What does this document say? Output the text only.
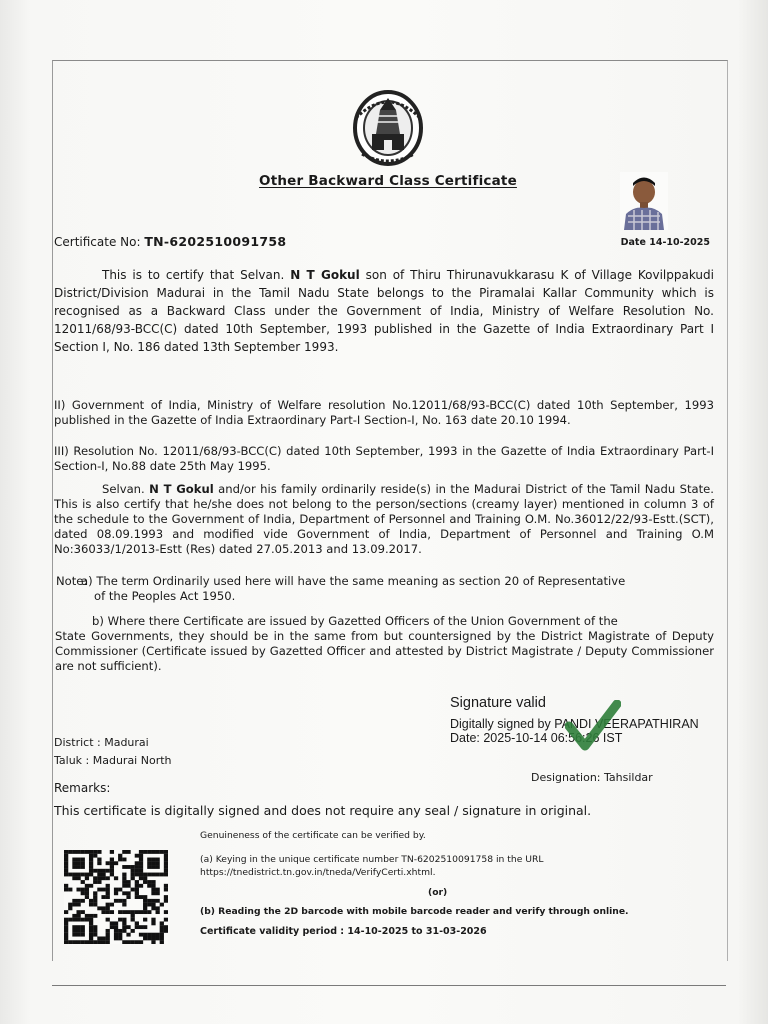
Other Backward Class Certificate
Certificate No: TN-6202510091758	Date 14-10-2025
This is to certify that Selvan. N T Gokul son of Thiru Thirunavukkarasu K of Village Kovilppakudi District/Division Madurai in the Tamil Nadu State belongs to the Piramalai Kallar Community which is recognised as a Backward Class under the Government of India, Ministry of Welfare Resolution No. 12011/68/93-BCC(C) dated 10th September, 1993 published in the Gazette of India Extraordinary Part I Section I, No. 186 dated 13th September 1993.
II) Government of India, Ministry of Welfare resolution No.12011/68/93-BCC(C) dated 10th September, 1993 published in the Gazette of India Extraordinary Part-I Section-I, No. 163 date 20.10 1994.
III) Resolution No. 12011/68/93-BCC(C) dated 10th September, 1993 in the Gazette of India Extraordinary Part-I Section-I, No.88 date 25th May 1995.
Selvan. N T Gokul and/or his family ordinarily reside(s) in the Madurai District of the Tamil Nadu State. This is also certify that he/she does not belong to the person/sections (creamy layer) mentioned in column 3 of the schedule to the Government of India, Department of Personnel and Training O.M. No.36012/22/93-Estt.(SCT), dated 08.09.1993 and modified vide Government of India, Department of Personnel and Training O.M No:36033/1/2013-Estt (Res) dated 27.05.2013 and 13.09.2017.
Note:
a) The term Ordinarily used here will have the same meaning as section 20 of Representative
of the Peoples Act 1950.
b) Where there Certificate are issued by Gazetted Officers of the Union Government of the
State Governments, they should be in the same from but countersigned by the District Magistrate of Deputy Commissioner (Certificate issued by Gazetted Officer and attested by District Magistrate / Deputy Commissioner are not sufficient).
Signature valid
Digitally signed by PANDI VEERAPATHIRAN
Date: 2025-10-14 06:56:26 IST
District : Madurai
Taluk : Madurai North
Designation: Tahsildar
Remarks:
This certificate is digitally signed and does not require any seal / signature in original.
Genuineness of the certificate can be verified by.
(a) Keying in the unique certificate number TN-6202510091758 in the URL https://tnedistrict.tn.gov.in/tneda/VerifyCerti.xhtml.
(or)
(b) Reading the 2D barcode with mobile barcode reader and verify through online.
Certificate validity period : 14-10-2025 to 31-03-2026
